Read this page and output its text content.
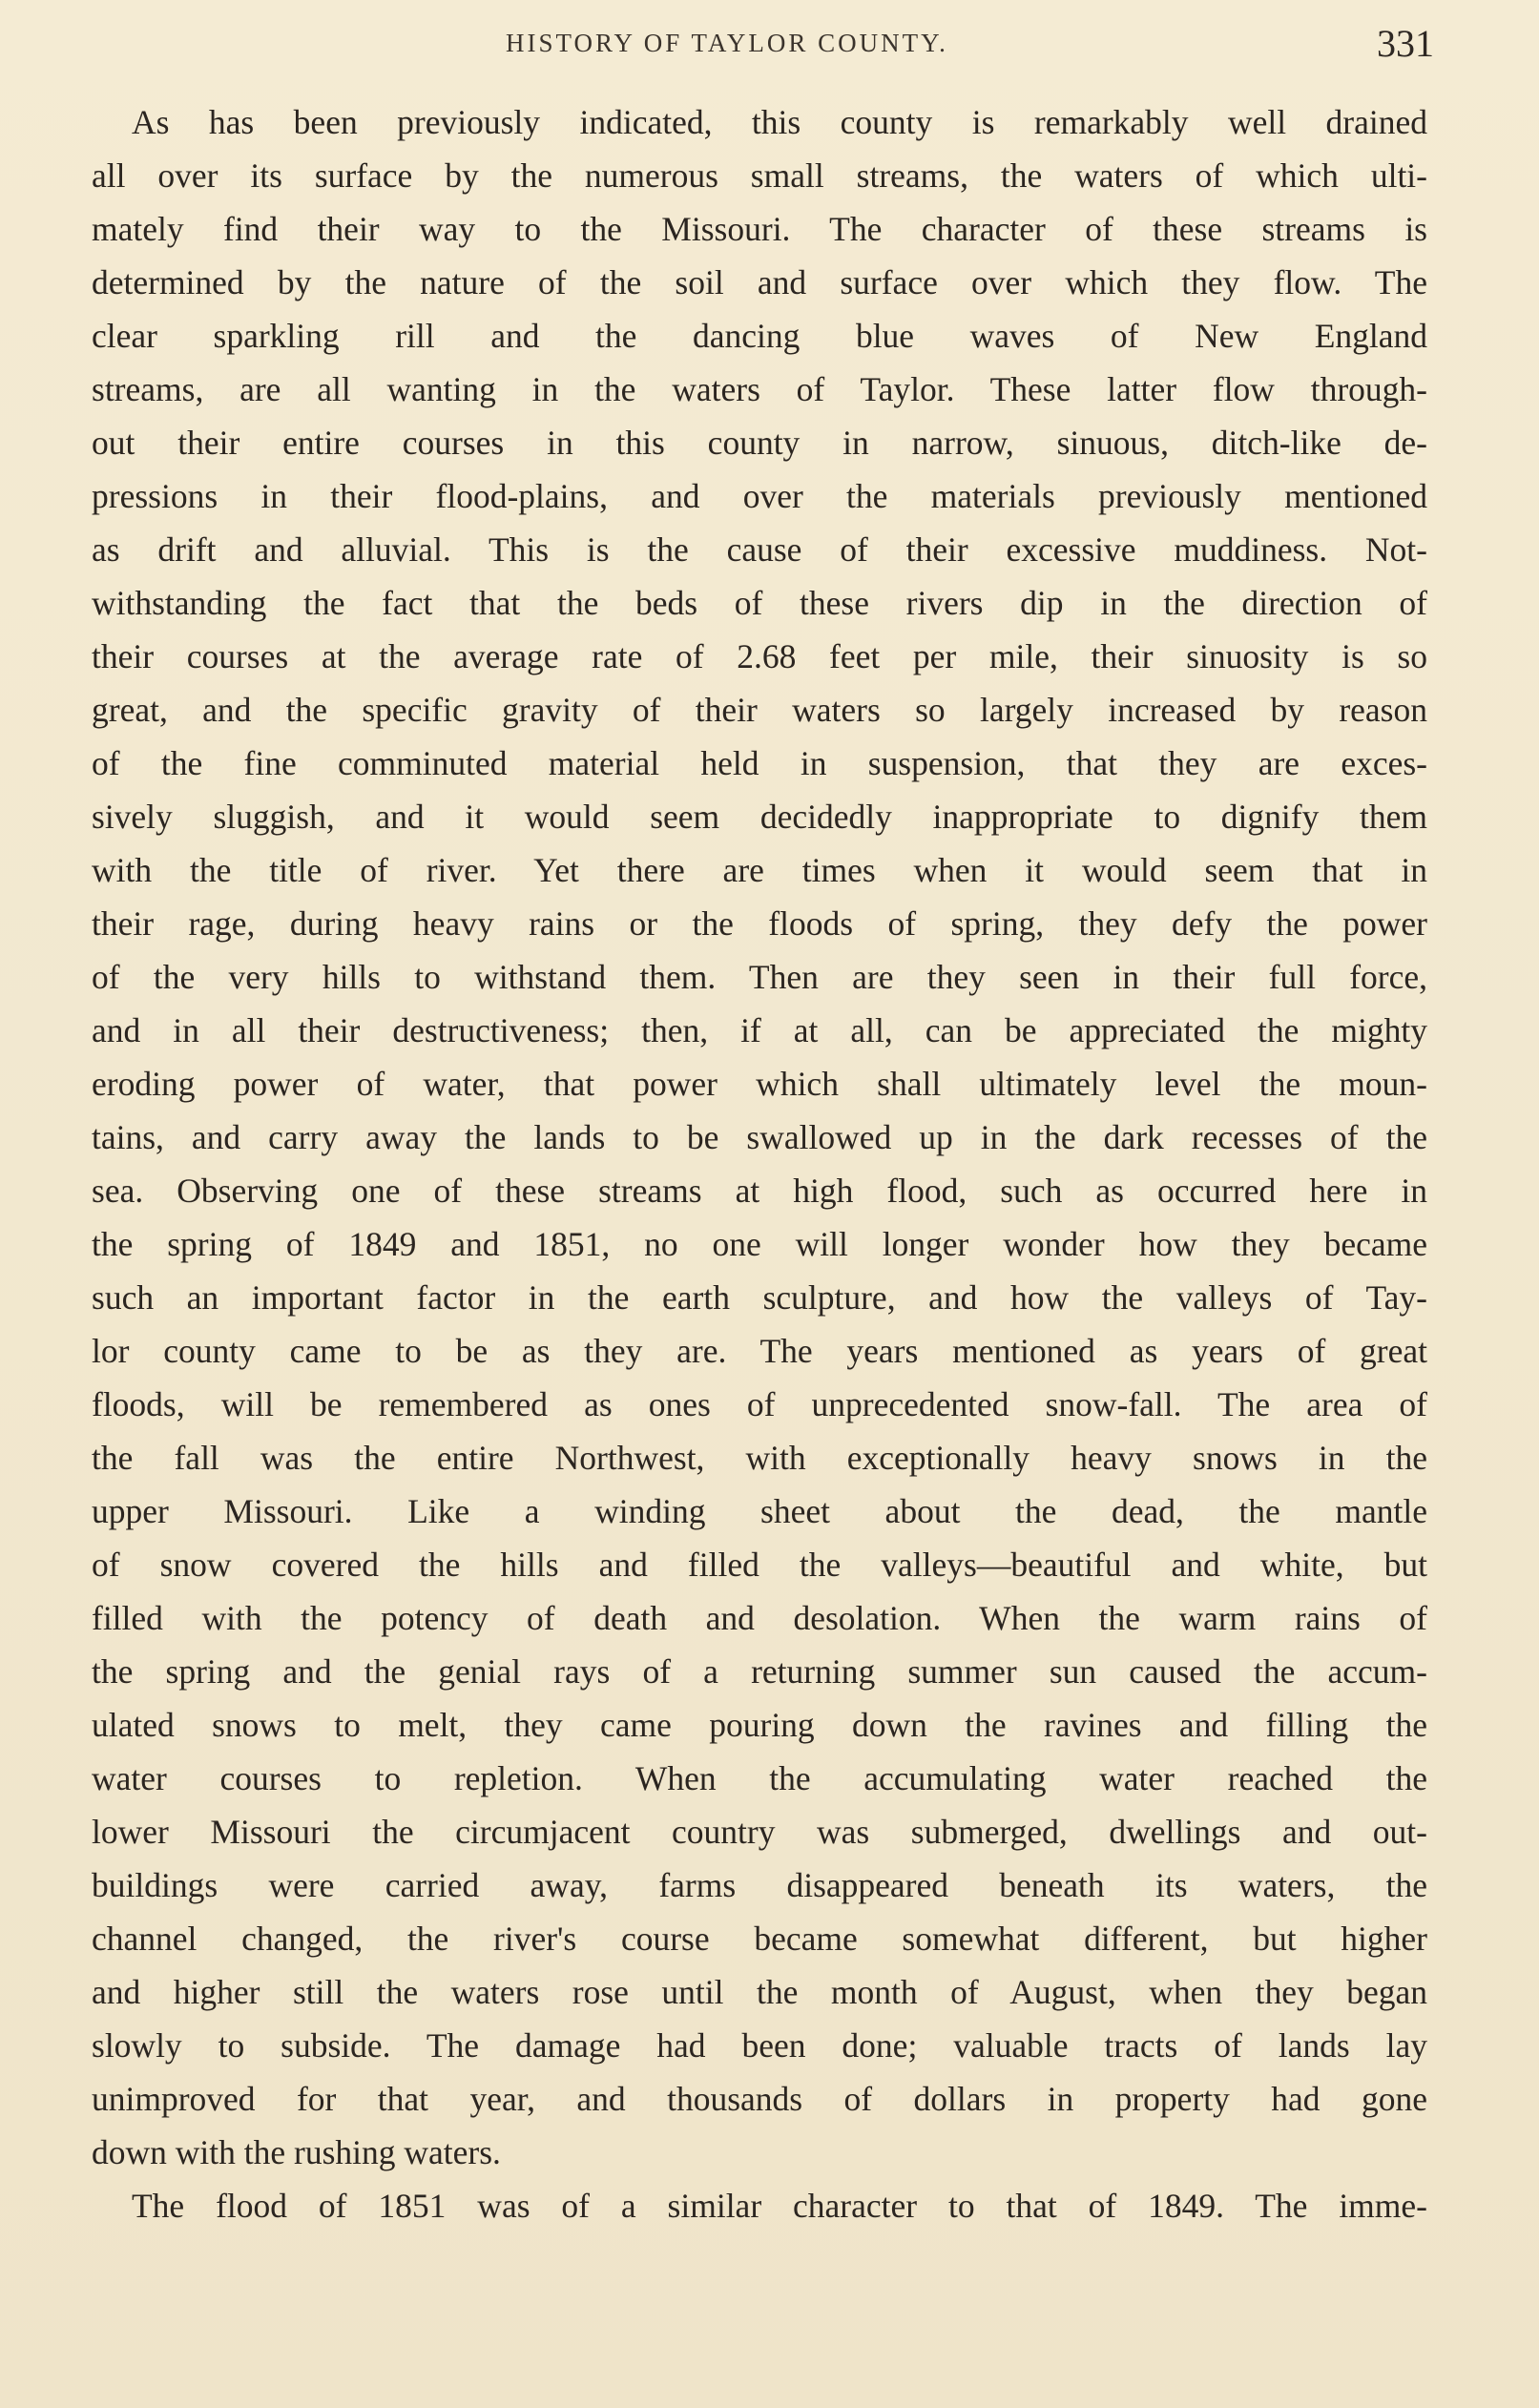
HISTORY OF TAYLOR COUNTY.	331
As has been previously indicated, this county is remarkably well drained
all over its surface by the numerous small streams, the waters of which ulti-
mately find their way to the Missouri. The character of these streams is
determined by the nature of the soil and surface over which they flow. The
clear sparkling rill and the dancing blue waves of New England
streams, are all wanting in the waters of Taylor. These latter flow through-
out their entire courses in this county in narrow, sinuous, ditch-like de-
pressions in their flood-plains, and over the materials previously mentioned
as drift and alluvial. This is the cause of their excessive muddiness. Not-
withstanding the fact that the beds of these rivers dip in the direction of
their courses at the average rate of 2.68 feet per mile, their sinuosity is so
great, and the specific gravity of their waters so largely increased by reason
of the fine comminuted material held in suspension, that they are exces-
sively sluggish, and it would seem decidedly inappropriate to dignify them
with the title of river. Yet there are times when it would seem that in
their rage, during heavy rains or the floods of spring, they defy the power
of the very hills to withstand them. Then are they seen in their full force,
and in all their destructiveness; then, if at all, can be appreciated the mighty
eroding power of water, that power which shall ultimately level the moun-
tains, and carry away the lands to be swallowed up in the dark recesses of the
sea. Observing one of these streams at high flood, such as occurred here in
the spring of 1849 and 1851, no one will longer wonder how they became
such an important factor in the earth sculpture, and how the valleys of Tay-
lor county came to be as they are. The years mentioned as years of great
floods, will be remembered as ones of unprecedented snow-fall. The area of
the fall was the entire Northwest, with exceptionally heavy snows in the
upper Missouri. Like a winding sheet about the dead, the mantle
of snow covered the hills and filled the valleys—beautiful and white, but
filled with the potency of death and desolation. When the warm rains of
the spring and the genial rays of a returning summer sun caused the accum-
ulated snows to melt, they came pouring down the ravines and filling the
water courses to repletion. When the accumulating water reached the
lower Missouri the circumjacent country was submerged, dwellings and out-
buildings were carried away, farms disappeared beneath its waters, the
channel changed, the river's course became somewhat different, but higher
and higher still the waters rose until the month of August, when they began
slowly to subside. The damage had been done; valuable tracts of lands lay
unimproved for that year, and thousands of dollars in property had gone
down with the rushing waters.
The flood of 1851 was of a similar character to that of 1849. The imme-
